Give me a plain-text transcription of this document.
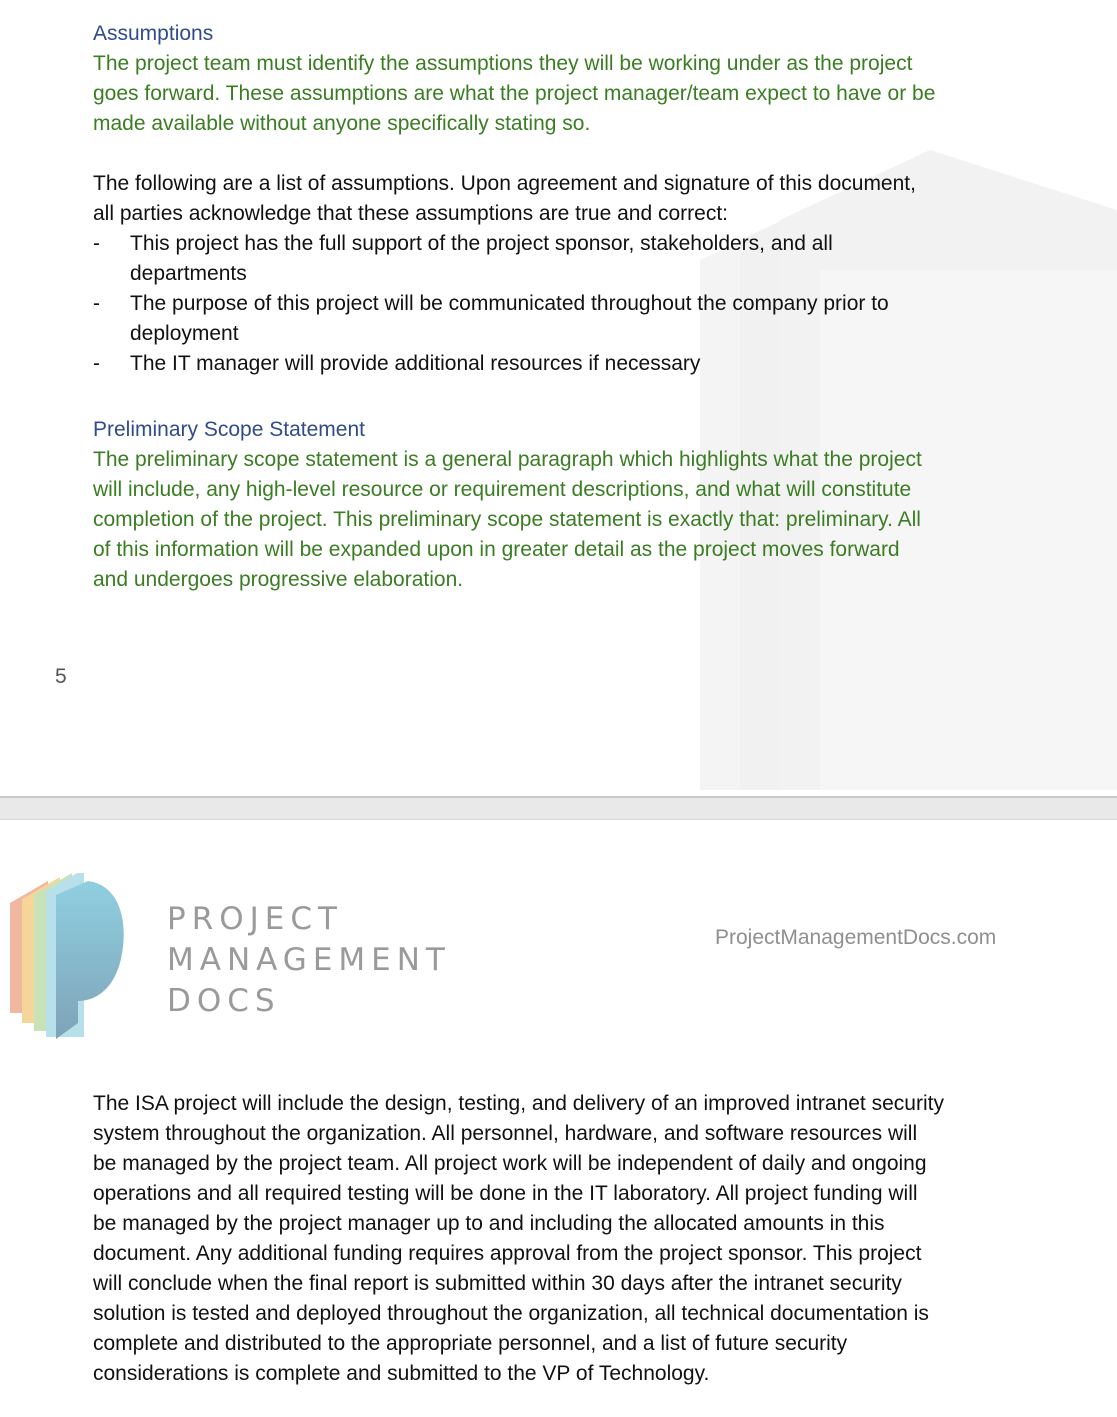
Assumptions
The project team must identify the assumptions they will be working under as the project
goes forward. These assumptions are what the project manager/team expect to have or be
made available without anyone specifically stating so.
The following are a list of assumptions. Upon agreement and signature of this document,
all parties acknowledge that these assumptions are true and correct:
- This project has the full support of the project sponsor, stakeholders, and all
departments
- The purpose of this project will be communicated throughout the company prior to
deployment
- The IT manager will provide additional resources if necessary
Preliminary Scope Statement
The preliminary scope statement is a general paragraph which highlights what the project
will include, any high-level resource or requirement descriptions, and what will constitute
completion of the project. This preliminary scope statement is exactly that: preliminary. All
of this information will be expanded upon in greater detail as the project moves forward
and undergoes progressive elaboration.
5
PROJECT
MANAGEMENT
DOCS
ProjectManagementDocs.com
The ISA project will include the design, testing, and delivery of an improved intranet security
system throughout the organization. All personnel, hardware, and software resources will
be managed by the project team. All project work will be independent of daily and ongoing
operations and all required testing will be done in the IT laboratory. All project funding will
be managed by the project manager up to and including the allocated amounts in this
document. Any additional funding requires approval from the project sponsor. This project
will conclude when the final report is submitted within 30 days after the intranet security
solution is tested and deployed throughout the organization, all technical documentation is
complete and distributed to the appropriate personnel, and a list of future security
considerations is complete and submitted to the VP of Technology.
